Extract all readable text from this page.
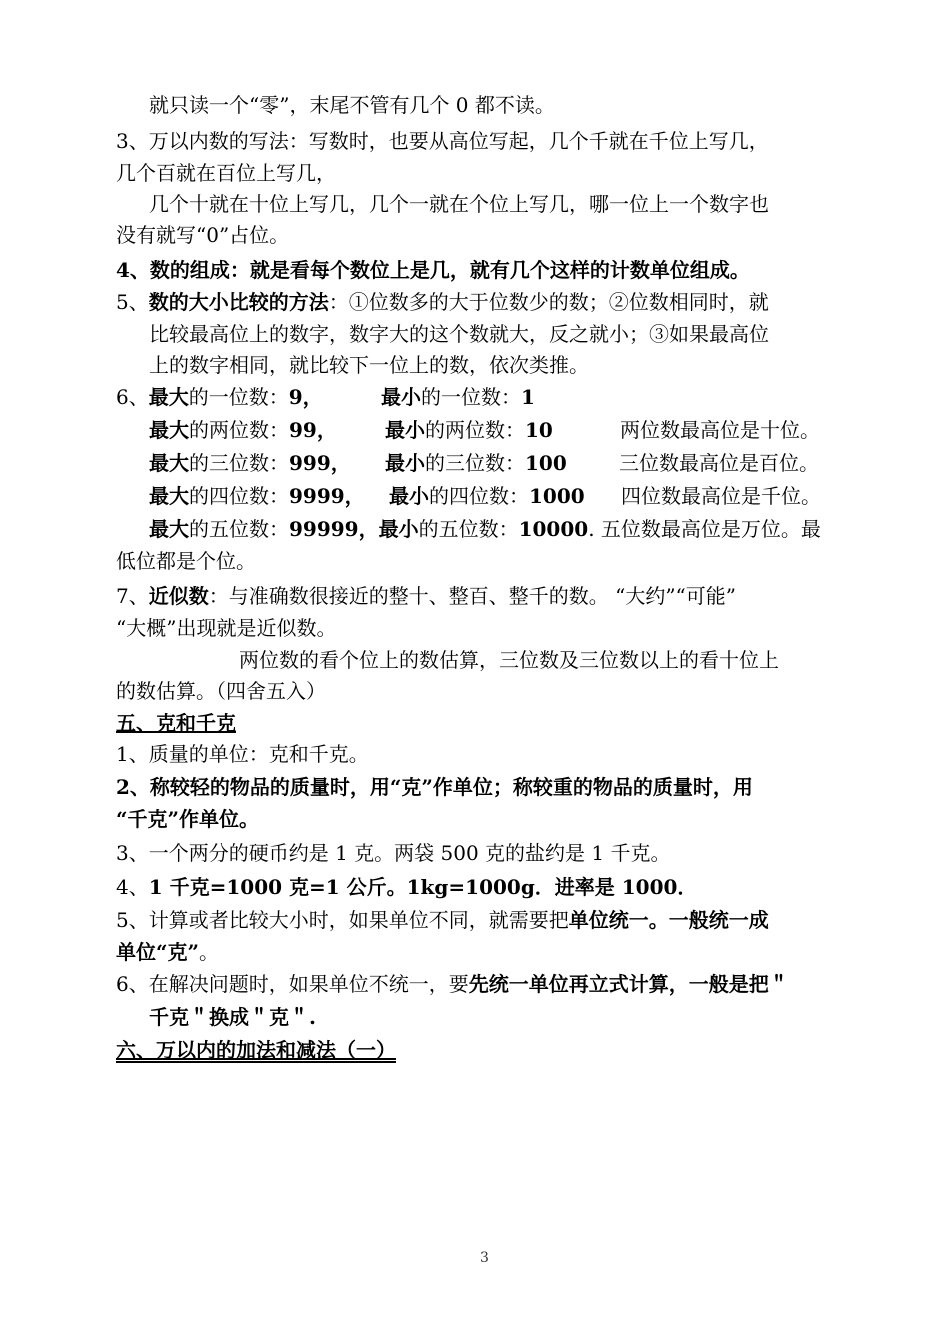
就只读一个“零”，末尾不管有几个 0 都不读。
3、万以内数的写法：写数时，也要从高位写起，几个千就在千位上写几，
几个百就在百位上写几，
几个十就在十位上写几，几个一就在个位上写几，哪一位上一个数字也
没有就写“0”占位。
4、数的组成：就是看每个数位上是几，就有几个这样的计数单位组成。
5、数的大小比较的方法：①位数多的大于位数少的数；②位数相同时，就
比较最高位上的数字，数字大的这个数就大，反之就小；③如果最高位
上的数字相同，就比较下一位上的数，依次类推。
6、最大的一位数：9，	最小的一位数：1
最大的两位数：99， 最小的两位数：10	两位数最高位是十位。
最大的三位数：999， 最小的三位数：100	三位数最高位是百位。
最大的四位数：9999， 最小的四位数：1000 四位数最高位是千位。
最大的五位数：99999，最小的五位数：10000. 五位数最高位是万位。最
低位都是个位。
7、近似数：与准确数很接近的整十、整百、整千的数。 “大约”“可能”
“大概”出现就是近似数。
两位数的看个位上的数估算，三位数及三位数以上的看十位上
的数估算。（四舍五入）
五、克和千克
1、质量的单位：克和千克。
2、称较轻的物品的质量时，用“克”作单位；称较重的物品的质量时，用
“千克”作单位。
3、一个两分的硬币约是 1 克。两袋 500 克的盐约是 1 千克。
4、1 千克=1000 克=1 公斤。1kg=1000g．进率是 1000．
5、计算或者比较大小时，如果单位不同，就需要把单位统一。一般统一成
单位“克”。
6、在解决问题时，如果单位不统一，要先统一单位再立式计算，一般是把＂
千克＂换成＂克＂.
六、万以内的加法和减法（一）
3
